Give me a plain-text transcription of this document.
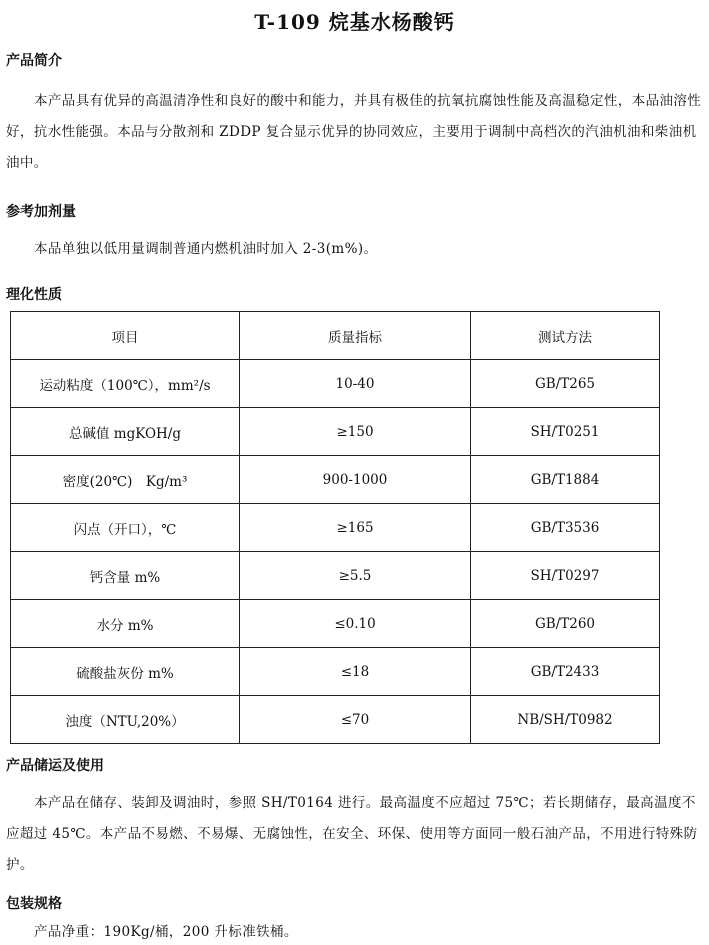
T-109 烷基水杨酸钙
产品简介
本产品具有优异的高温清净性和良好的酸中和能力，并具有极佳的抗氧抗腐蚀性能及高温稳定性，本品油溶性好，抗水性能强。本品与分散剂和 ZDDP 复合显示优异的协同效应，主要用于调制中高档次的汽油机油和柴油机油中。
参考加剂量
本品单独以低用量调制普通内燃机油时加入 2-3(m%)。
理化性质
项目	质量指标	测试方法
运动粘度（100℃），mm²/s	10-40	GB/T265
总碱值 mgKOH/g	≥150	SH/T0251
密度(20℃)　Kg/m³	900-1000	GB/T1884
闪点（开口），℃	≥165	GB/T3536
钙含量 m%	≥5.5	SH/T0297
水分 m%	≤0.10	GB/T260
硫酸盐灰份 m%	≤18	GB/T2433
浊度（NTU,20%）	≤70	NB/SH/T0982
产品储运及使用
本产品在储存、装卸及调油时，参照 SH/T0164 进行。最高温度不应超过 75℃；若长期储存，最高温度不应超过 45℃。本产品不易燃、不易爆、无腐蚀性，在安全、环保、使用等方面同一般石油产品，不用进行特殊防护。
包装规格
产品净重：190Kg/桶，200 升标准铁桶。
